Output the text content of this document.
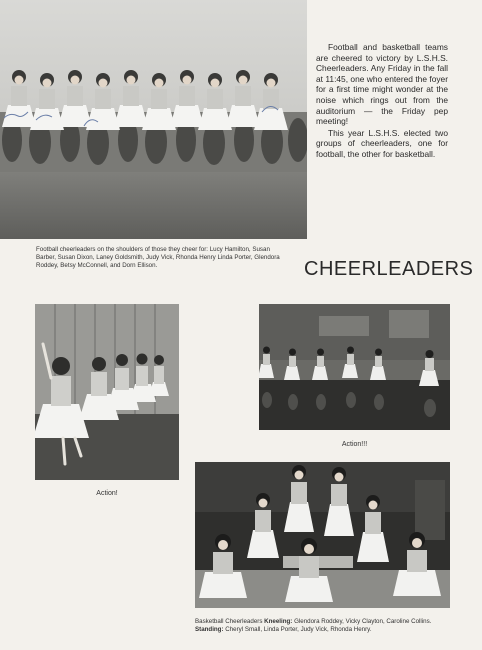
Football and basketball teams are cheered to victory by L.S.H.S. Cheerleaders. Any Friday in the fall at 11:45, one who entered the foyer for a first time might wonder at the noise which rings out from the auditorium — the Friday pep meeting!

This year L.S.H.S. elected two groups of cheerleaders, one for football, the other for basketball.

Football cheerleaders on the shoulders of those they cheer for: Lucy Hamilton, Susan Barber, Susan Dixon, Laney Goldsmith, Judy Vick, Rhonda Henry Linda Porter, Glendora Roddey, Betsy McConnell, and Dorn Ellison.	CHEERLEADERS
Action!
Action!!!
Basketball Cheerleaders Kneeling: Glendora Roddey, Vicky Clayton, Caroline Collins. Standing: Cheryl Small, Linda Porter, Judy Vick, Rhonda Henry.
